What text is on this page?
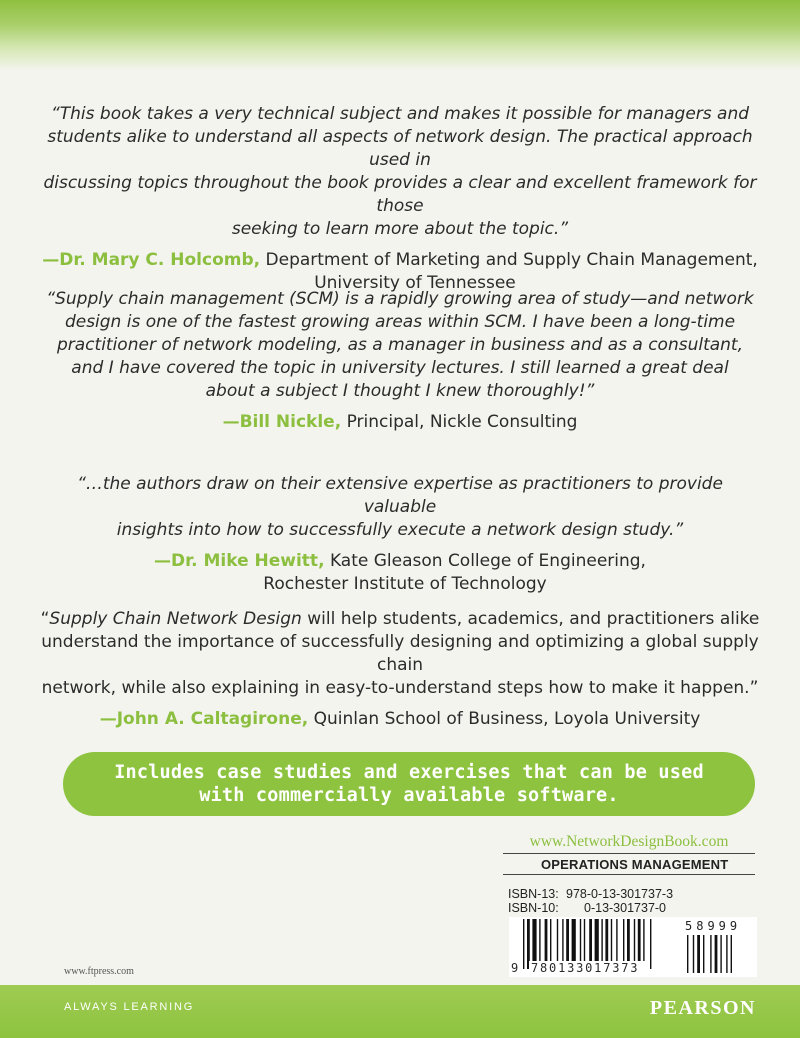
“This book takes a very technical subject and makes it possible for managers and
students alike to understand all aspects of network design. The practical approach used in
discussing topics throughout the book provides a clear and excellent framework for those
seeking to learn more about the topic.”
—Dr. Mary C. Holcomb, Department of Marketing and Supply Chain Management,
University of Tennessee
“Supply chain management (SCM) is a rapidly growing area of study—and network
design is one of the fastest growing areas within SCM. I have been a long-time
practitioner of network modeling, as a manager in business and as a consultant,
and I have covered the topic in university lectures. I still learned a great deal
about a subject I thought I knew thoroughly!”
—Bill Nickle, Principal, Nickle Consulting
“…the authors draw on their extensive expertise as practitioners to provide valuable
insights into how to successfully execute a network design study.”
—Dr. Mike Hewitt, Kate Gleason College of Engineering,
Rochester Institute of Technology
“Supply Chain Network Design will help students, academics, and practitioners alike
understand the importance of successfully designing and optimizing a global supply chain
network, while also explaining in easy-to-understand steps how to make it happen.”
—John A. Caltagirone, Quinlan School of Business, Loyola University
Includes case studies and exercises that can be used
with commercially available software.
www.NetworkDesignBook.com
OPERATIONS MANAGEMENT
ISBN-13: 978-0-13-301737-3
ISBN-10: 0-13-301737-0
58999
9 780133017373
www.ftpress.com
ALWAYS LEARNING	PEARSON
